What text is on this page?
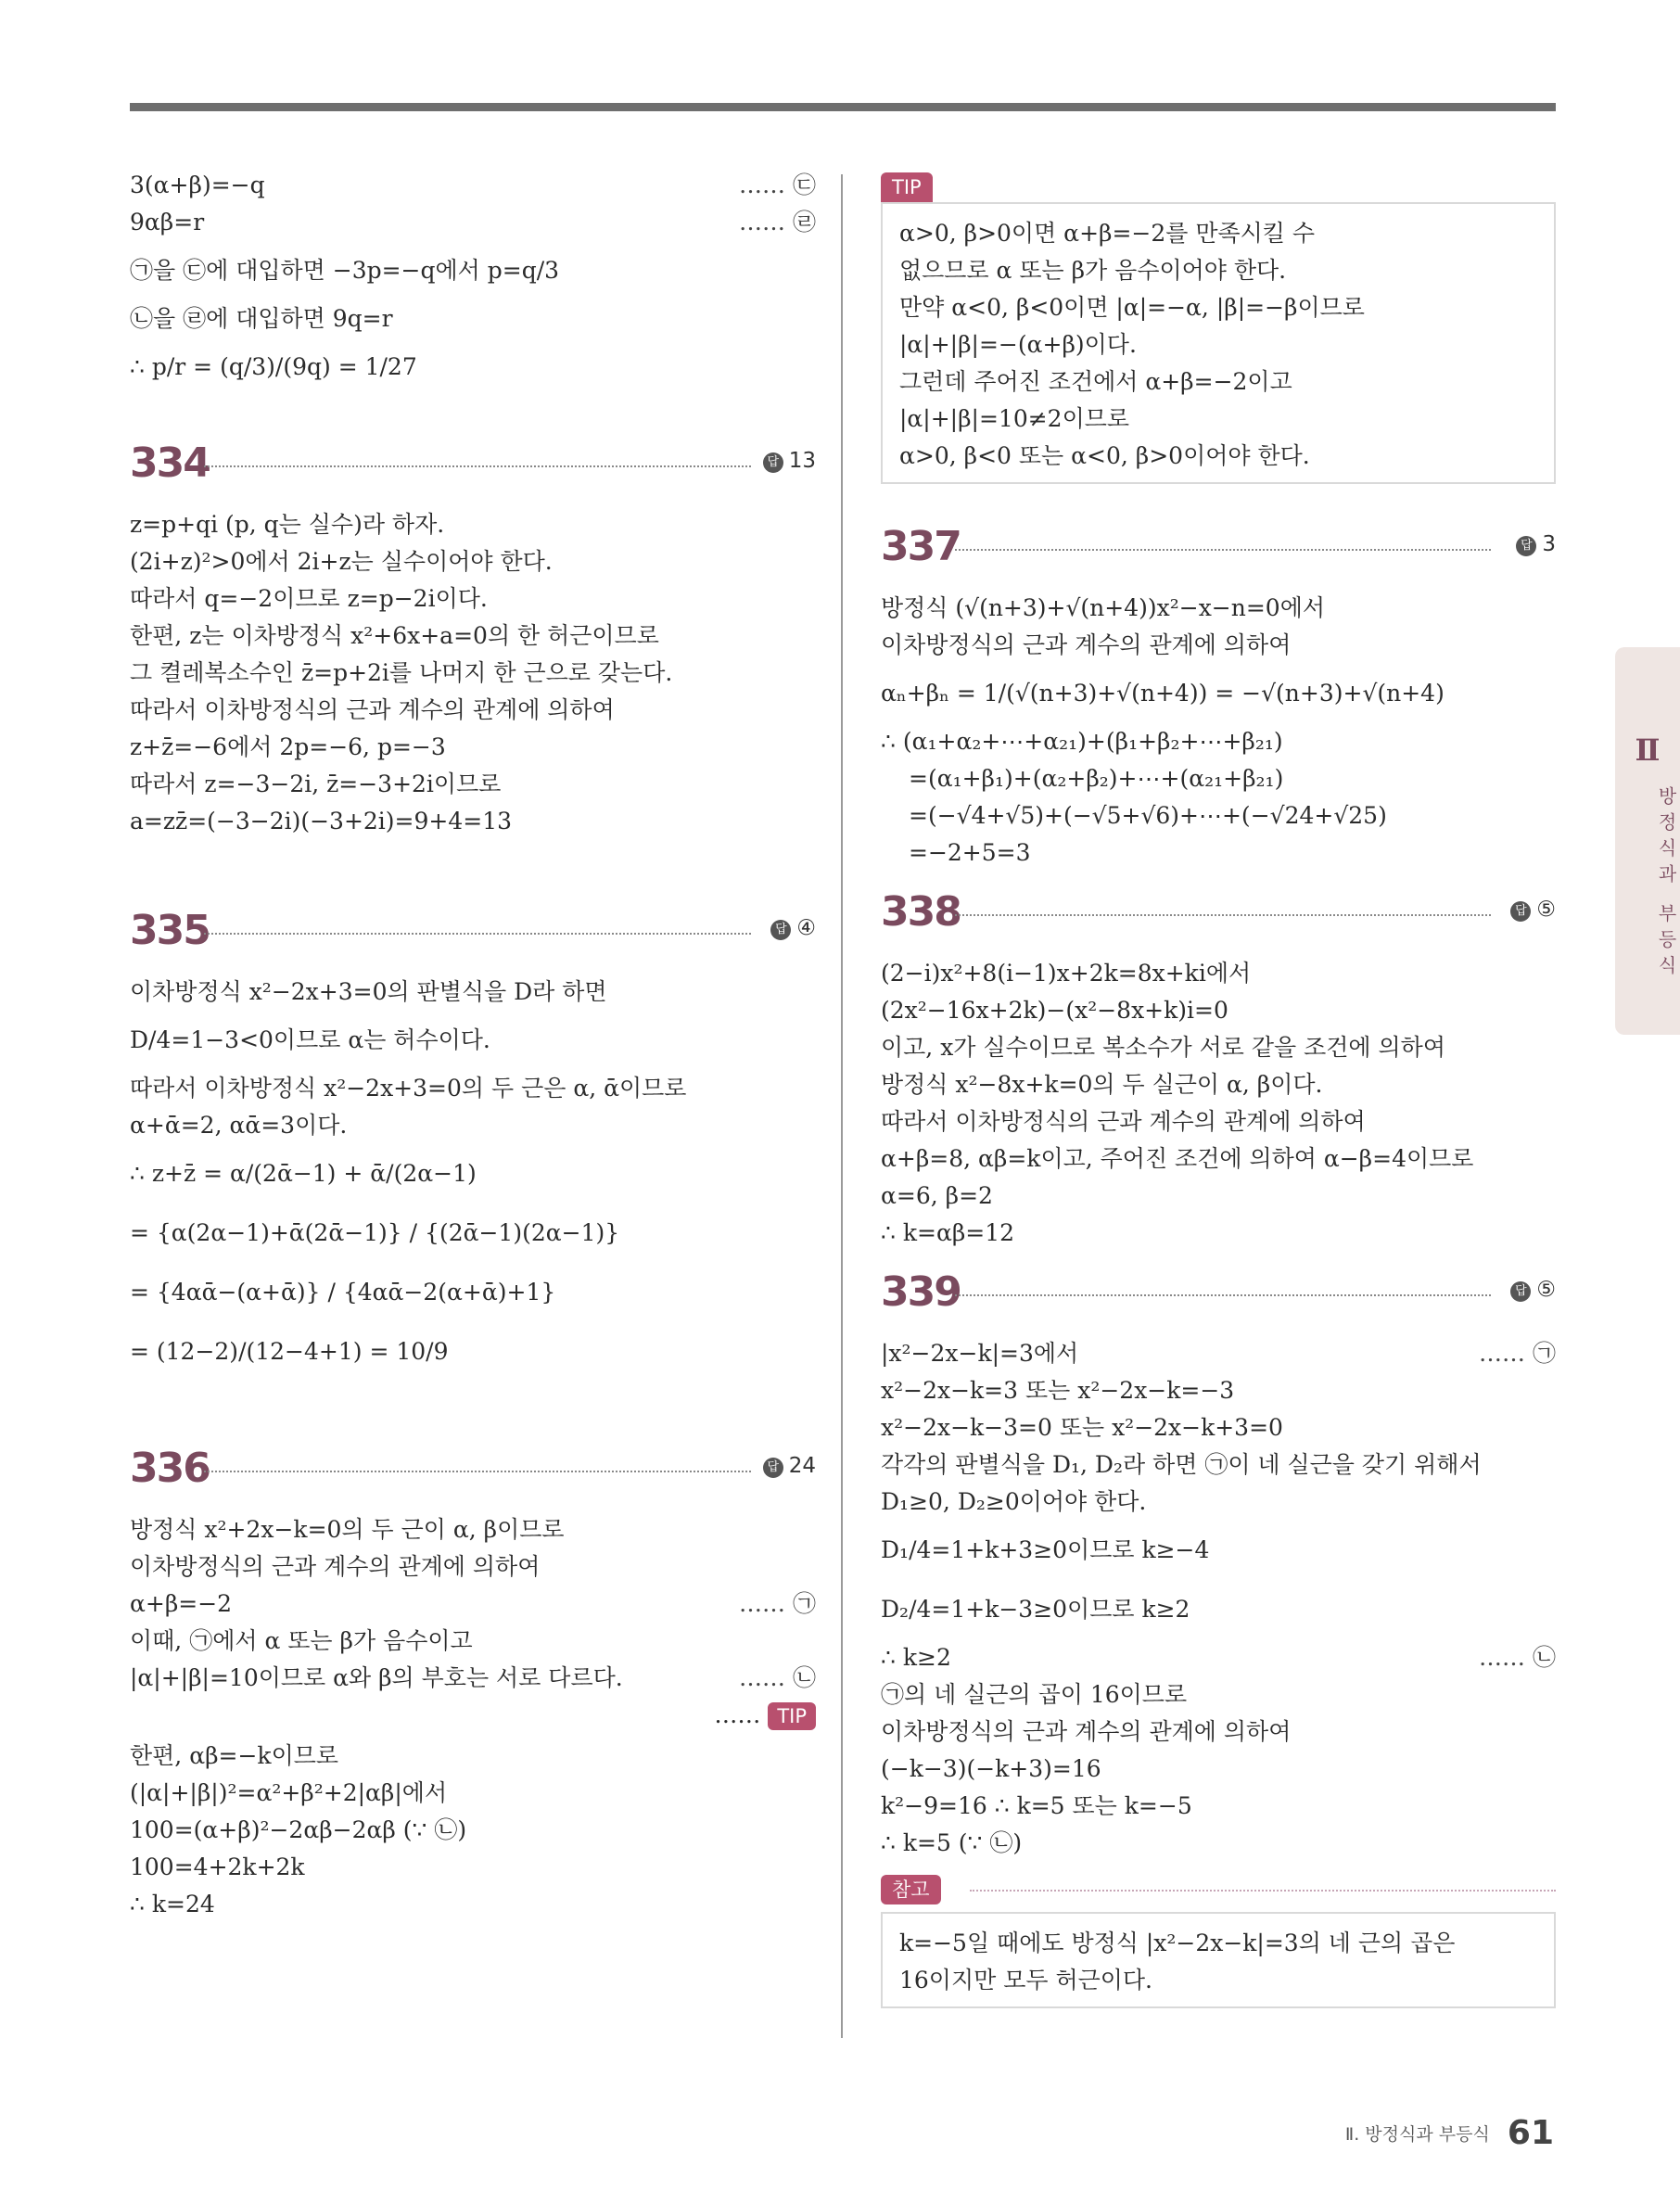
3(α+β)=−q	…… ㉢
9αβ=r	…… ㉣
㉠을 ㉢에 대입하면 −3p=−q에서 p=q/3
㉡을 ㉣에 대입하면 9q=r
∴ p/r = (q/3)/(9q) = 1/27
334	답 13
z=p+qi (p, q는 실수)라 하자.
(2i+z)²>0에서 2i+z는 실수이어야 한다.
따라서 q=−2이므로 z=p−2i이다.
한편, z는 이차방정식 x²+6x+a=0의 한 허근이므로
그 켤레복소수인 z̄=p+2i를 나머지 한 근으로 갖는다.
따라서 이차방정식의 근과 계수의 관계에 의하여
z+z̄=−6에서 2p=−6, p=−3
따라서 z=−3−2i, z̄=−3+2i이므로
a=zz̄=(−3−2i)(−3+2i)=9+4=13
335	답 ④
이차방정식 x²−2x+3=0의 판별식을 D라 하면
D/4=1−3<0이므로 α는 허수이다.
따라서 이차방정식 x²−2x+3=0의 두 근은 α, ᾱ이므로
α+ᾱ=2, αᾱ=3이다.
∴ z+z̄ = α/(2ᾱ−1) + ᾱ/(2α−1)
= {α(2α−1)+ᾱ(2ᾱ−1)} / {(2ᾱ−1)(2α−1)}
= {4αᾱ−(α+ᾱ)} / {4αᾱ−2(α+ᾱ)+1}
= (12−2)/(12−4+1) = 10/9
336	답 24
방정식 x²+2x−k=0의 두 근이 α, β이므로
이차방정식의 근과 계수의 관계에 의하여
α+β=−2	…… ㉠
이때, ㉠에서 α 또는 β가 음수이고
|α|+|β|=10이므로 α와 β의 부호는 서로 다르다.	…… ㉡
…… TIP
한편, αβ=−k이므로
(|α|+|β|)²=α²+β²+2|αβ|에서
100=(α+β)²−2αβ−2αβ (∵ ㉡)
100=4+2k+2k
∴ k=24
TIP
α>0, β>0이면 α+β=−2를 만족시킬 수
없으므로 α 또는 β가 음수이어야 한다.
만약 α<0, β<0이면 |α|=−α, |β|=−β이므로
|α|+|β|=−(α+β)이다.
그런데 주어진 조건에서 α+β=−2이고
|α|+|β|=10≠2이므로
α>0, β<0 또는 α<0, β>0이어야 한다.
337	답 3
방정식 (√(n+3)+√(n+4))x²−x−n=0에서
이차방정식의 근과 계수의 관계에 의하여
αₙ+βₙ = 1/(√(n+3)+√(n+4)) = −√(n+3)+√(n+4)
∴ (α₁+α₂+⋯+α₂₁)+(β₁+β₂+⋯+β₂₁)
=(α₁+β₁)+(α₂+β₂)+⋯+(α₂₁+β₂₁)
=(−√4+√5)+(−√5+√6)+⋯+(−√24+√25)
=−2+5=3
338	답 ⑤
(2−i)x²+8(i−1)x+2k=8x+ki에서
(2x²−16x+2k)−(x²−8x+k)i=0
이고, x가 실수이므로 복소수가 서로 같을 조건에 의하여
방정식 x²−8x+k=0의 두 실근이 α, β이다.
따라서 이차방정식의 근과 계수의 관계에 의하여
α+β=8, αβ=k이고, 주어진 조건에 의하여 α−β=4이므로
α=6, β=2
∴ k=αβ=12
339	답 ⑤
|x²−2x−k|=3에서	…… ㉠
x²−2x−k=3 또는 x²−2x−k=−3
x²−2x−k−3=0 또는 x²−2x−k+3=0
각각의 판별식을 D₁, D₂라 하면 ㉠이 네 실근을 갖기 위해서
D₁≥0, D₂≥0이어야 한다.
D₁/4=1+k+3≥0이므로 k≥−4
D₂/4=1+k−3≥0이므로 k≥2
∴ k≥2	…… ㉡
㉠의 네 실근의 곱이 16이므로
이차방정식의 근과 계수의 관계에 의하여
(−k−3)(−k+3)=16
k²−9=16 ∴ k=5 또는 k=−5
∴ k=5 (∵ ㉡)
참고
k=−5일 때에도 방정식 |x²−2x−k|=3의 네 근의 곱은
16이지만 모두 허근이다.
Ⅱ
방정식과 부등식
Ⅱ. 방정식과 부등식 61
